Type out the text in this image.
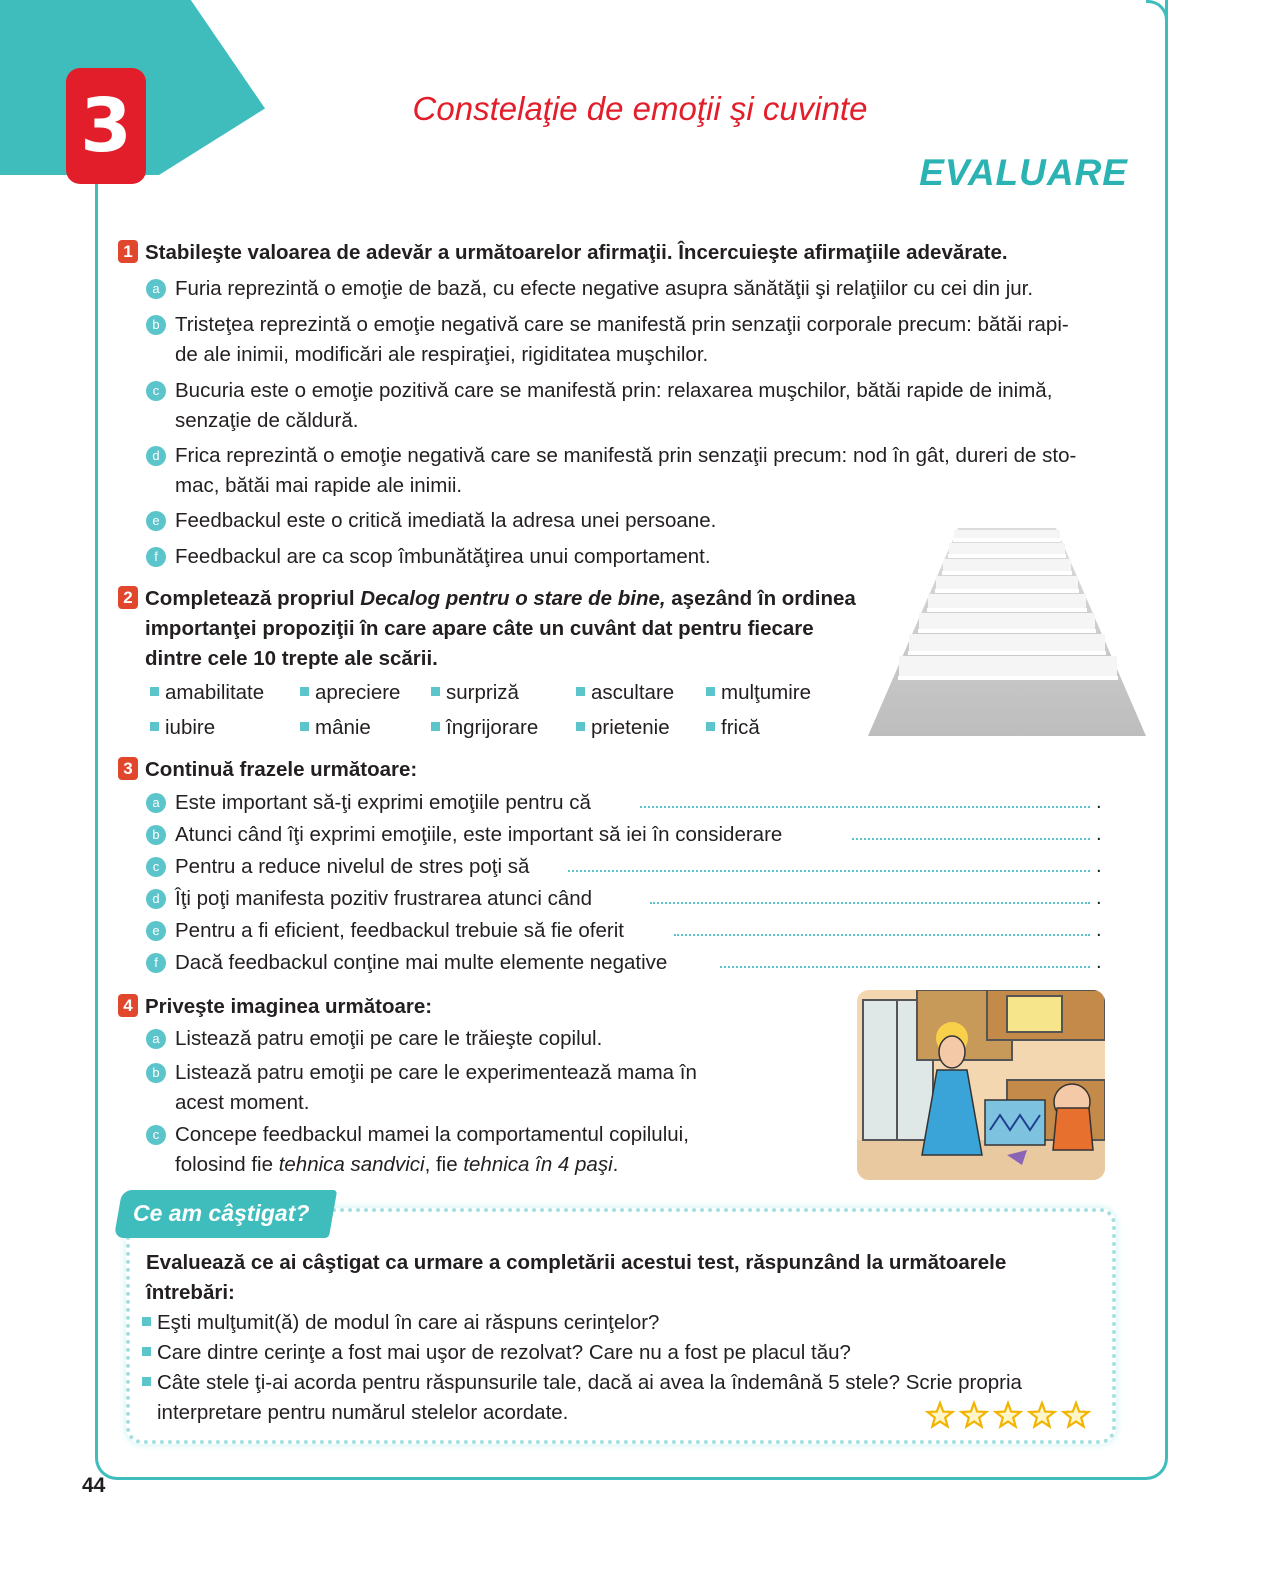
3	Constelaţie de emoţii şi cuvinte
EVALUARE
1 Stabileşte valoarea de adevăr a următoarelor afirmaţii. Încercuieşte afirmaţiile adevărate.
a Furia reprezintă o emoţie de bază, cu efecte negative asupra sănătăţii şi relaţiilor cu cei din jur.
b Tristeţea reprezintă o emoţie negativă care se manifestă prin senzaţii corporale precum: bătăi rapi-
de ale inimii, modificări ale respiraţiei, rigiditatea muşchilor.
c Bucuria este o emoţie pozitivă care se manifestă prin: relaxarea muşchilor, bătăi rapide de inimă,
senzaţie de căldură.
d Frica reprezintă o emoţie negativă care se manifestă prin senzaţii precum: nod în gât, dureri de sto-
mac, bătăi mai rapide ale inimii.
e Feedbackul este o critică imediată la adresa unei persoane.
f Feedbackul are ca scop îmbunătăţirea unui comportament.
2 Completează propriul Decalog pentru o stare de bine, aşezând în ordinea
importanţei propoziţii în care apare câte un cuvânt dat pentru fiecare
dintre cele 10 trepte ale scării.
amabilitate	apreciere	surpriză	ascultare	mulţumire
iubire	mânie	îngrijorare	prietenie	frică
3 Continuă frazele următoare:
a Este important să-ţi exprimi emoţiile pentru că	.
b Atunci când îţi exprimi emoţiile, este important să iei în considerare	.
c Pentru a reduce nivelul de stres poţi să	.
d Îţi poţi manifesta pozitiv frustrarea atunci când	.
e Pentru a fi eficient, feedbackul trebuie să fie oferit	.
f Dacă feedbackul conţine mai multe elemente negative	.
4 Priveşte imaginea următoare:
a Listează patru emoţii pe care le trăieşte copilul.
b Listează patru emoţii pe care le experimentează mama în
acest moment.
c Concepe feedbackul mamei la comportamentul copilului,
folosind fie tehnica sandvici, fie tehnica în 4 paşi.
Ce am câştigat?
Evaluează ce ai câştigat ca urmare a completării acestui test, răspunzând la următoarele
întrebări:
Eşti mulţumit(ă) de modul în care ai răspuns cerinţelor?
Care dintre cerinţe a fost mai uşor de rezolvat? Care nu a fost pe placul tău?
Câte stele ţi-ai acorda pentru răspunsurile tale, dacă ai avea la îndemână 5 stele? Scrie propria
interpretare pentru numărul stelelor acordate.
44
